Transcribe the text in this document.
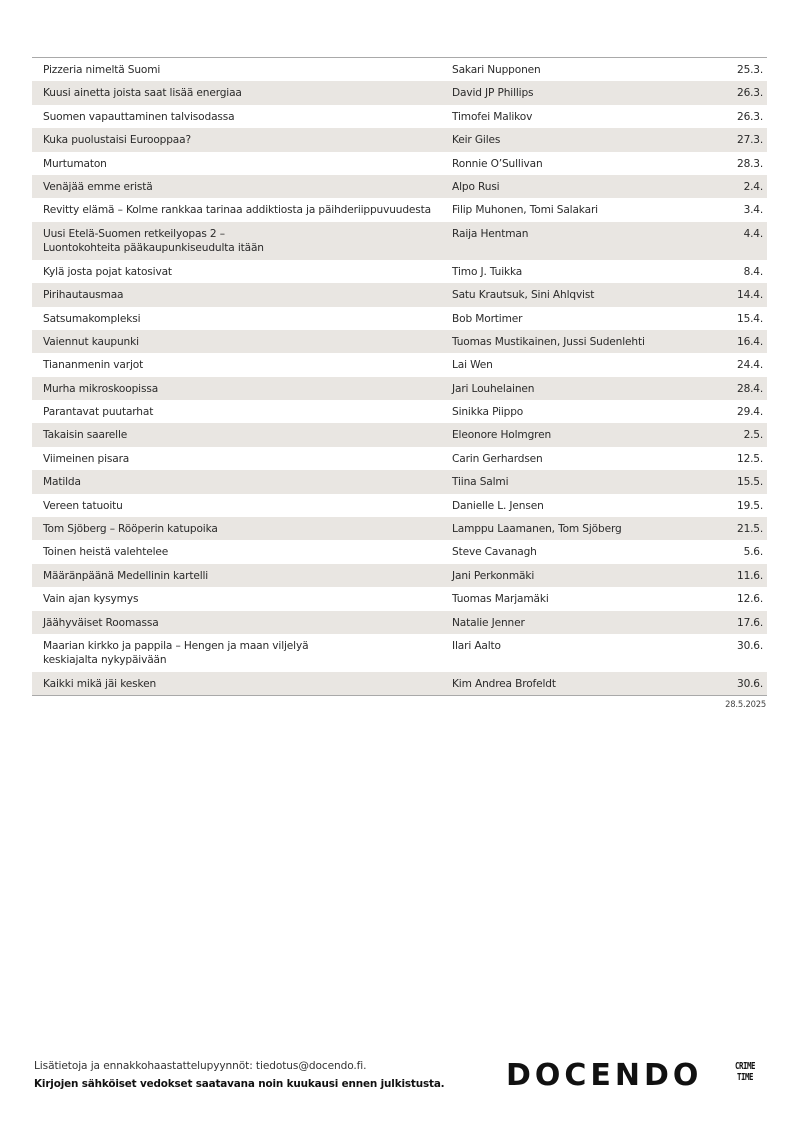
Pizzeria nimeltä Suomi	Sakari Nupponen	25.3.
Kuusi ainetta joista saat lisää energiaa	David JP Phillips	26.3.
Suomen vapauttaminen talvisodassa	Timofei Malikov	26.3.
Kuka puolustaisi Eurooppaa?	Keir Giles	27.3.
Murtumaton	Ronnie O’Sullivan	28.3.
Venäjää emme eristä	Alpo Rusi	2.4.
Revitty elämä – Kolme rankkaa tarinaa addiktiosta ja päihderiippuvuudesta	Filip Muhonen, Tomi Salakari	3.4.
Uusi Etelä-Suomen retkeilyopas 2 –
Luontokohteita pääkaupunkiseudulta itään
Raija Hentman	4.4.
Kylä josta pojat katosivat	Timo J. Tuikka	8.4.
Pirihautausmaa	Satu Krautsuk, Sini Ahlqvist	14.4.
Satsumakompleksi	Bob Mortimer	15.4.
Vaiennut kaupunki	Tuomas Mustikainen, Jussi Sudenlehti	16.4.
Tiananmenin varjot	Lai Wen	24.4.
Murha mikroskoopissa	Jari Louhelainen	28.4.
Parantavat puutarhat	Sinikka Piippo	29.4.
Takaisin saarelle	Eleonore Holmgren	2.5.
Viimeinen pisara	Carin Gerhardsen	12.5.
Matilda	Tiina Salmi	15.5.
Vereen tatuoitu	Danielle L. Jensen	19.5.
Tom Sjöberg – Rööperin katupoika	Lamppu Laamanen, Tom Sjöberg	21.5.
Toinen heistä valehtelee	Steve Cavanagh	5.6.
Määränpäänä Medellinin kartelli	Jani Perkonmäki	11.6.
Vain ajan kysymys	Tuomas Marjamäki	12.6.
Jäähyväiset Roomassa	Natalie Jenner	17.6.
Maarian kirkko ja pappila – Hengen ja maan viljelyä
keskiajalta nykypäivään
Ilari Aalto	30.6.
Kaikki mikä jäi kesken	Kim Andrea Brofeldt	30.6.
28.5.2025
Lisätietoja ja ennakkohaastattelupyynnöt: tiedotus@docendo.fi.
Kirjojen sähköiset vedokset saatavana noin kuukausi ennen julkistusta. DOCENDO	CRIME
TIME
